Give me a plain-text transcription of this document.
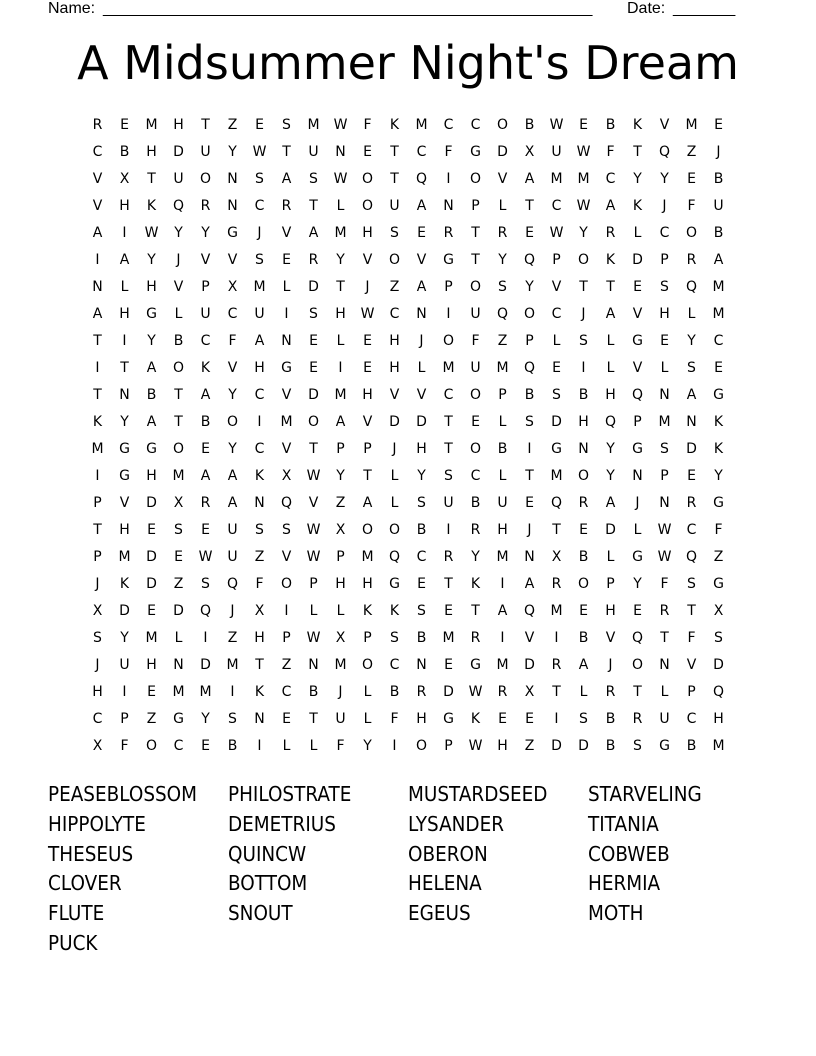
Name: _______________________________________________________ Date: _______
A Midsummer Night's Dream
R	E	M	H	T	Z	E	S	M	W	F	K	M	C	C	O	B	W	E	B	K	V	M	E
C	B	H	D	U	Y	W	T	U	N	E	T	C	F	G	D	X	U	W	F	T	Q	Z	J
V	X	T	U	O	N	S	A	S	W	O	T	Q	I	O	V	A	M	M	C	Y	Y	E	B
V	H	K	Q	R	N	C	R	T	L	O	U	A	N	P	L	T	C	W	A	K	J	F	U
A	I	W	Y	Y	G	J	V	A	M	H	S	E	R	T	R	E	W	Y	R	L	C	O	B
I	A	Y	J	V	V	S	E	R	Y	V	O	V	G	T	Y	Q	P	O	K	D	P	R	A
N	L	H	V	P	X	M	L	D	T	J	Z	A	P	O	S	Y	V	T	T	E	S	Q	M
A	H	G	L	U	C	U	I	S	H	W	C	N	I	U	Q	O	C	J	A	V	H	L	M
T	I	Y	B	C	F	A	N	E	L	E	H	J	O	F	Z	P	L	S	L	G	E	Y	C
I	T	A	O	K	V	H	G	E	I	E	H	L	M	U	M	Q	E	I	L	V	L	S	E
T	N	B	T	A	Y	C	V	D	M	H	V	V	C	O	P	B	S	B	H	Q	N	A	G
K	Y	A	T	B	O	I	M	O	A	V	D	D	T	E	L	S	D	H	Q	P	M	N	K
M	G	G	O	E	Y	C	V	T	P	P	J	H	T	O	B	I	G	N	Y	G	S	D	K
I	G	H	M	A	A	K	X	W	Y	T	L	Y	S	C	L	T	M	O	Y	N	P	E	Y
P	V	D	X	R	A	N	Q	V	Z	A	L	S	U	B	U	E	Q	R	A	J	N	R	G
T	H	E	S	E	U	S	S	W	X	O	O	B	I	R	H	J	T	E	D	L	W	C	F
P	M	D	E	W	U	Z	V	W	P	M	Q	C	R	Y	M	N	X	B	L	G	W	Q	Z
J	K	D	Z	S	Q	F	O	P	H	H	G	E	T	K	I	A	R	O	P	Y	F	S	G
X	D	E	D	Q	J	X	I	L	L	K	K	S	E	T	A	Q	M	E	H	E	R	T	X
S	Y	M	L	I	Z	H	P	W	X	P	S	B	M	R	I	V	I	B	V	Q	T	F	S
J	U	H	N	D	M	T	Z	N	M	O	C	N	E	G	M	D	R	A	J	O	N	V	D
H	I	E	M	M	I	K	C	B	J	L	B	R	D	W	R	X	T	L	R	T	L	P	Q
C	P	Z	G	Y	S	N	E	T	U	L	F	H	G	K	E	E	I	S	B	R	U	C	H
X	F	O	C	E	B	I	L	L	F	Y	I	O	P	W	H	Z	D	D	B	S	G	B	M
PEASEBLOSSOM	PHILOSTRATE	MUSTARDSEED	STARVELING
HIPPOLYTE	DEMETRIUS	LYSANDER	TITANIA
THESEUS	QUINCW	OBERON	COBWEB
CLOVER	BOTTOM	HELENA	HERMIA
FLUTE	SNOUT	EGEUS	MOTH
PUCK
